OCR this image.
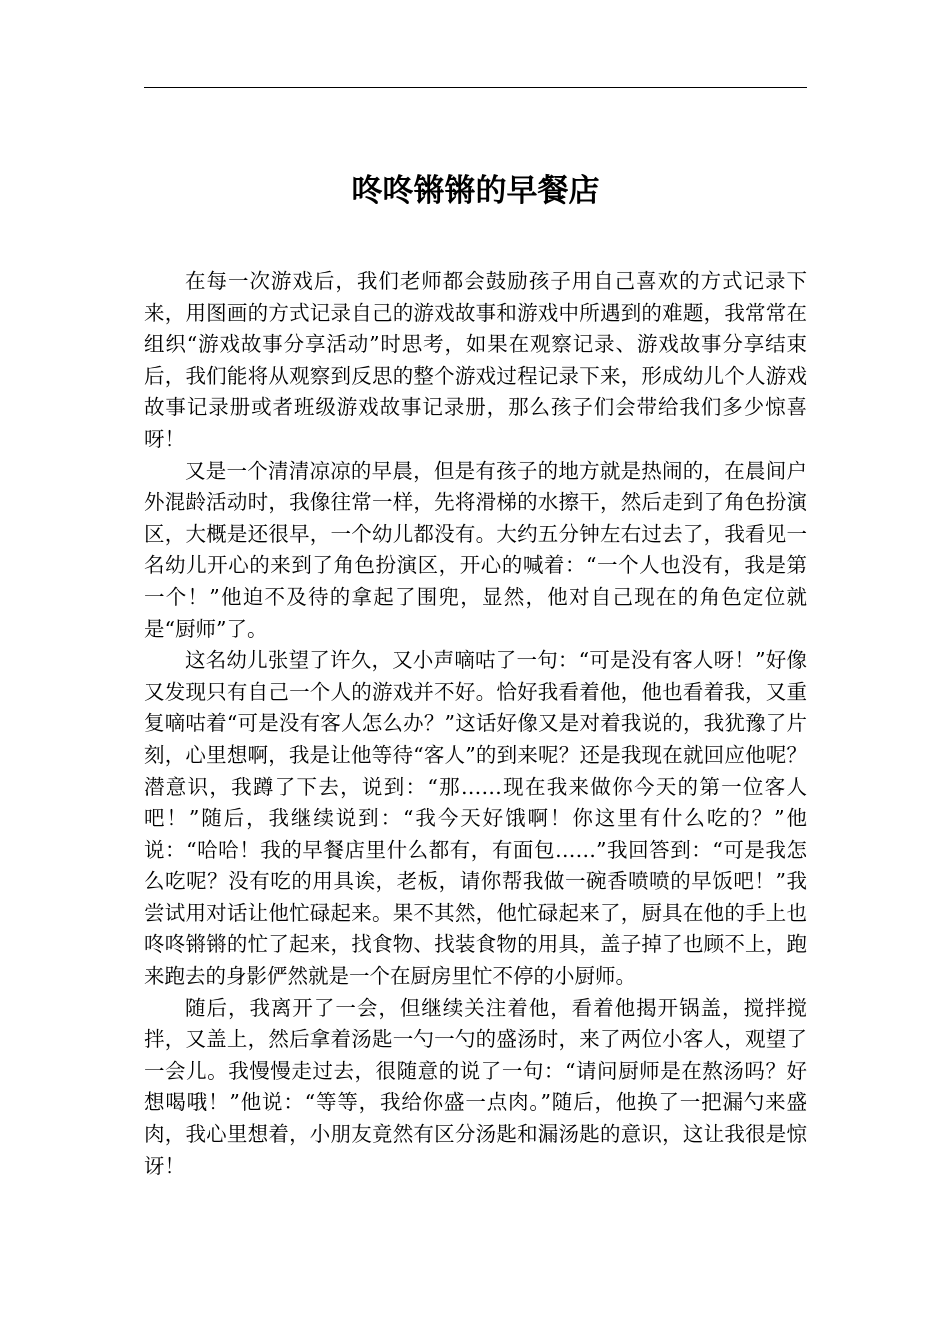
咚咚锵锵的早餐店

在每一次游戏后，我们老师都会鼓励孩子用自己喜欢的方式记录下来，用图画的方式记录自己的游戏故事和游戏中所遇到的难题，我常常在组织“游戏故事分享活动”时思考，如果在观察记录、游戏故事分享结束后，我们能将从观察到反思的整个游戏过程记录下来，形成幼儿个人游戏故事记录册或者班级游戏故事记录册，那么孩子们会带给我们多少惊喜呀！

又是一个清清凉凉的早晨，但是有孩子的地方就是热闹的，在晨间户外混龄活动时，我像往常一样，先将滑梯的水擦干，然后走到了角色扮演区，大概是还很早，一个幼儿都没有。大约五分钟左右过去了，我看见一名幼儿开心的来到了角色扮演区，开心的喊着：“一个人也没有，我是第一个！”他迫不及待的拿起了围兜，显然，他对自己现在的角色定位就是“厨师”了。

这名幼儿张望了许久，又小声嘀咕了一句：“可是没有客人呀！”好像又发现只有自己一个人的游戏并不好。恰好我看着他，他也看着我，又重复嘀咕着“可是没有客人怎么办？”这话好像又是对着我说的，我犹豫了片刻，心里想啊，我是让他等待“客人”的到来呢？还是我现在就回应他呢？潜意识，我蹲了下去，说到：“那……现在我来做你今天的第一位客人吧！”随后，我继续说到：“我今天好饿啊！你这里有什么吃的？”他说：“哈哈！我的早餐店里什么都有，有面包……”我回答到：“可是我怎么吃呢？没有吃的用具诶，老板，请你帮我做一碗香喷喷的早饭吧！”我尝试用对话让他忙碌起来。果不其然，他忙碌起来了，厨具在他的手上也咚咚锵锵的忙了起来，找食物、找装食物的用具，盖子掉了也顾不上，跑来跑去的身影俨然就是一个在厨房里忙不停的小厨师。

随后，我离开了一会，但继续关注着他，看着他揭开锅盖，搅拌搅拌，又盖上，然后拿着汤匙一勺一勺的盛汤时，来了两位小客人，观望了一会儿。我慢慢走过去，很随意的说了一句：“请问厨师是在熬汤吗？好想喝哦！”他说：“等等，我给你盛一点肉。”随后，他换了一把漏勺来盛肉，我心里想着，小朋友竟然有区分汤匙和漏汤匙的意识，这让我很是惊讶！
